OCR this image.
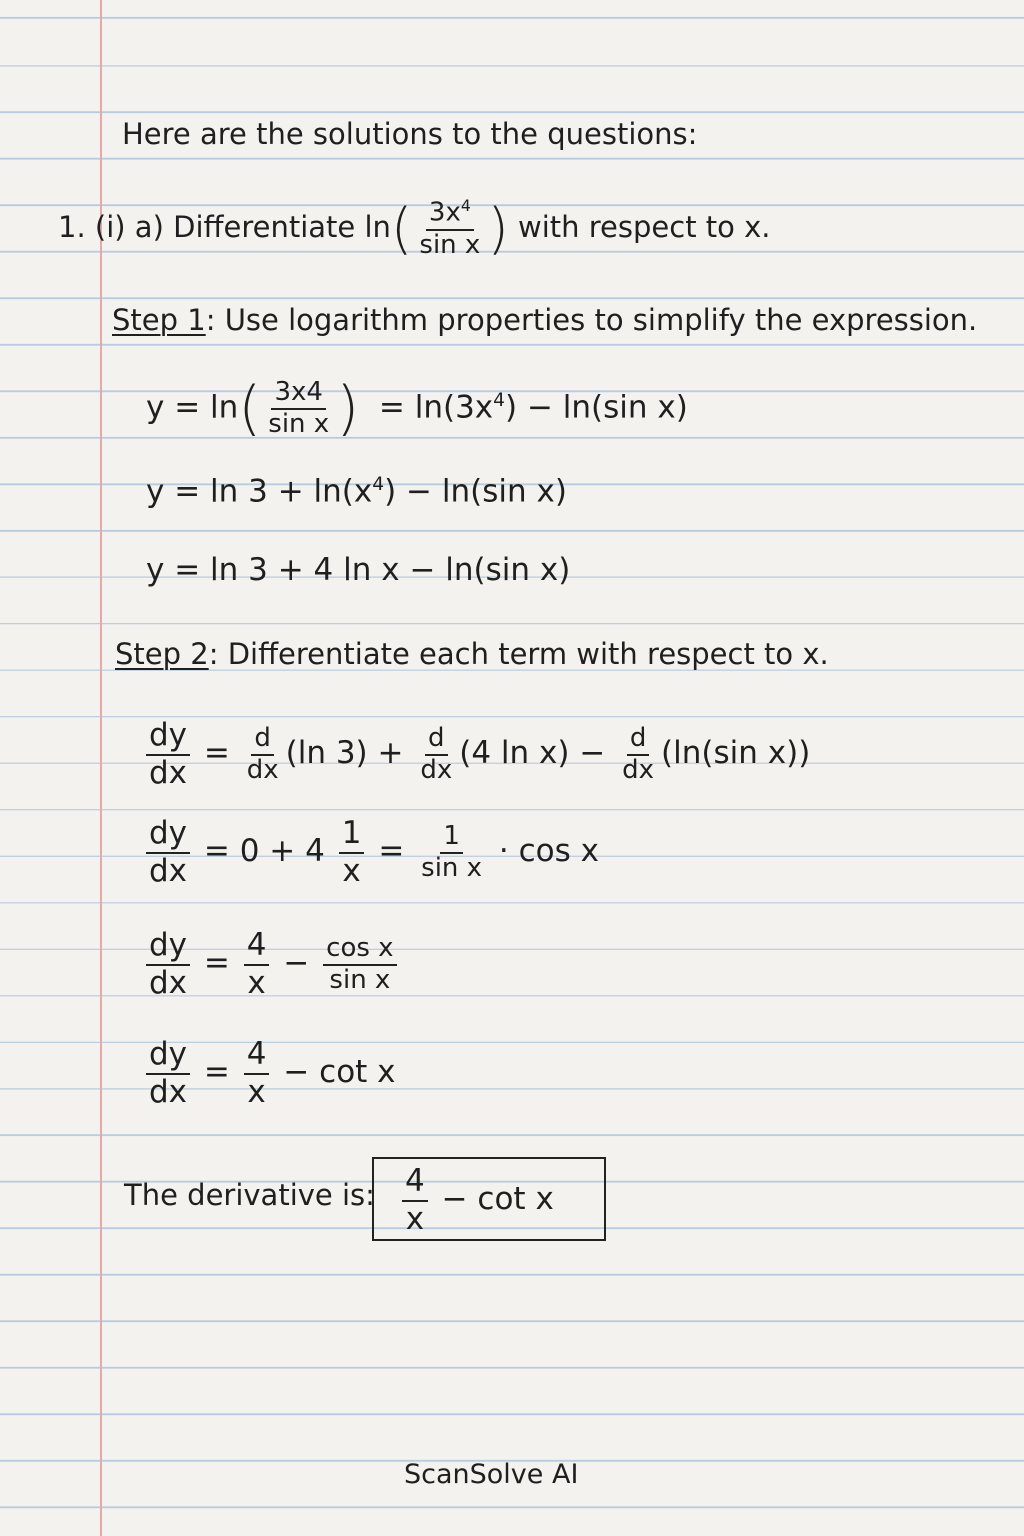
Here are the solutions to the questions:
1. (i) a) Differentiate $\ln( \frac{3x^4}{\text{sin x}}$ ) with respect to x.
Step 1: Use logarithm properties to simplify the expression.
$y = \ln( \frac{3x4}{\text{sin x}}$ ) = $\ln(3x^4) - \ln(\sin$ x)
$y = \ln 3 + \ln(x^4) - \ln(\sin$ x)
y = ln 3 + 4 ln x − ln(sin x)
Step 2: Differentiate each term with respect to x.
$\frac{dy}{dx} = \frac{d}{dx} (\ln$ $3) + \frac{d}{dx} (4$ $\ln x) - \frac{d}{dx} (\ln(\sin$ x))
$\frac{dy}{dx} = 0 + 4 \frac{1}{x} = \frac{1}{\text{sin x}} \cdot \cos x$
$\frac{dy}{dx} = \frac{4}{x} - \frac{\text{cos x}}{\text{sin x}}$
$\frac{dy}{dx} = \frac{4}{x} - \cot x$
The derivative is: $\frac{4}{x} - \cot x$
ScanSolve AI
